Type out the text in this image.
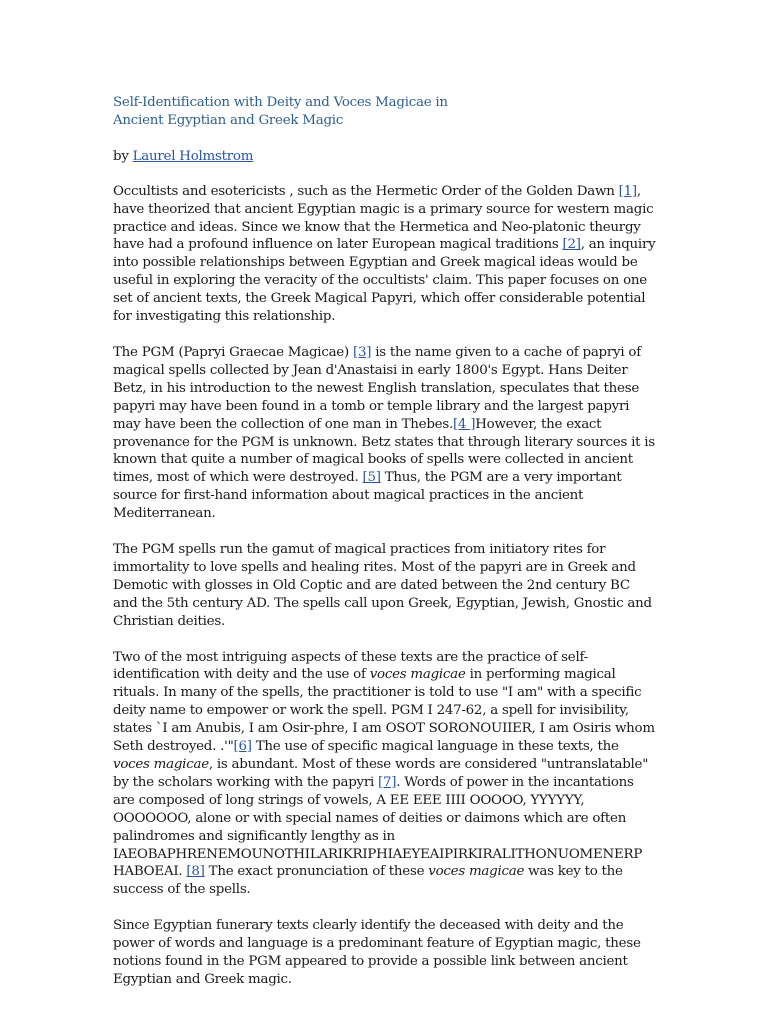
Self-Identification with Deity and Voces Magicae in
Ancient Egyptian and Greek Magic
by Laurel Holmstrom

Occultists and esotericists , such as the Hermetic Order of the Golden Dawn [1], have theorized that ancient Egyptian magic is a primary source for western magic practice and ideas. Since we know that the Hermetica and Neo-platonic theurgy have had a profound influence on later European magical traditions [2], an inquiry into possible relationships between Egyptian and Greek magical ideas would be useful in exploring the veracity of the occultists' claim. This paper focuses on one set of ancient texts, the Greek Magical Papyri, which offer considerable potential for investigating this relationship.

The PGM (Papryi Graecae Magicae) [3] is the name given to a cache of papryi of magical spells collected by Jean d'Anastaisi in early 1800's Egypt. Hans Deiter Betz, in his introduction to the newest English translation, speculates that these papyri may have been found in a tomb or temple library and the largest papyri may have been the collection of one man in Thebes.[4 ]However, the exact provenance for the PGM is unknown. Betz states that through literary sources it is known that quite a number of magical books of spells were collected in ancient times, most of which were destroyed. [5] Thus, the PGM are a very important source for first-hand information about magical practices in the ancient Mediterranean.

The PGM spells run the gamut of magical practices from initiatory rites for immortality to love spells and healing rites. Most of the papyri are in Greek and Demotic with glosses in Old Coptic and are dated between the 2nd century BC and the 5th century AD. The spells call upon Greek, Egyptian, Jewish, Gnostic and Christian deities.

Two of the most intriguing aspects of these texts are the practice of self-identification with deity and the use of voces magicae in performing magical rituals. In many of the spells, the practitioner is told to use "I am" with a specific deity name to empower or work the spell. PGM I 247-62, a spell for invisibility, states `I am Anubis, I am Osir-phre, I am OSOT SORONOUIIER, I am Osiris whom Seth destroyed. .'"[6] The use of specific magical language in these texts, the voces magicae, is abundant. Most of these words are considered "untranslatable" by the scholars working with the papyri [7]. Words of power in the incantations are composed of long strings of vowels, A EE EEE IIII OOOOO, YYYYYY, OOOOOOO, alone or with special names of deities or daimons which are often palindromes and significantly lengthy as in IAEOBAPHRENEMOUNOTHILARIKRIPHIAEYEAIPIRKIRALITHONUOMENERP HABOEAI. [8] The exact pronunciation of these voces magicae was key to the success of the spells.

Since Egyptian funerary texts clearly identify the deceased with deity and the power of words and language is a predominant feature of Egyptian magic, these notions found in the PGM appeared to provide a possible link between ancient Egyptian and Greek magic.
